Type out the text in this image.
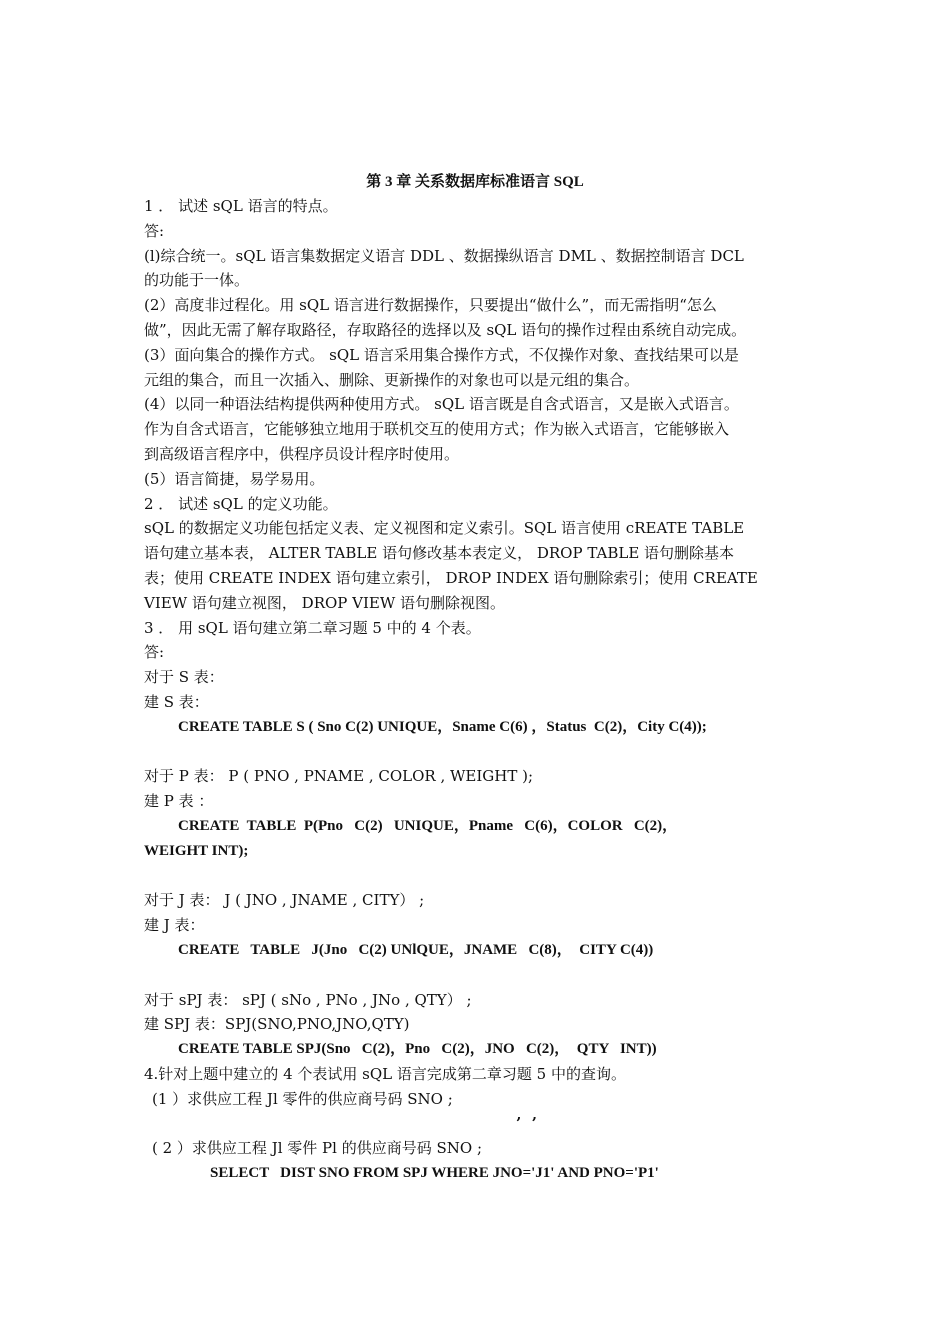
第 3 章 关系数据库标准语言 SQL
1 ． 试述 sQL 语言的特点。
答:
(l)综合统一。sQL 语言集数据定义语言 DDL 、数据操纵语言 DML 、数据控制语言 DCL
的功能于一体。
(2）高度非过程化。用 sQL 语言进行数据操作，只要提出“做什么”，而无需指明“怎么
做”，因此无需了解存取路径，存取路径的选择以及 sQL 语句的操作过程由系统自动完成。
(3）面向集合的操作方式。 sQL 语言采用集合操作方式，不仅操作对象、查找结果可以是
元组的集合，而且一次插入、删除、更新操作的对象也可以是元组的集合。
(4）以同一种语法结构提供两种使用方式。 sQL 语言既是自含式语言，又是嵌入式语言。
作为自含式语言，它能够独立地用于联机交互的使用方式；作为嵌入式语言，它能够嵌入
到高级语言程序中，供程序员设计程序时使用。
(5）语言简捷，易学易用。
2 ． 试述 sQL 的定义功能。
sQL 的数据定义功能包括定义表、定义视图和定义索引。SQL 语言使用 cREATE TABLE
语句建立基本表， ALTER TABLE 语句修改基本表定义， DROP TABLE 语句删除基本
表；使用 CREATE INDEX 语句建立索引， DROP INDEX 语句删除索引；使用 CREATE
VIEW 语句建立视图， DROP VIEW 语句删除视图。
3 ． 用 sQL 语句建立第二章习题 5 中的 4 个表。
答:
对于 S 表：
建 S 表：
CREATE TABLE S ( Sno C(2) UNIQUE，Sname C(6) ，Status  C(2)，City C(4));
对于 P 表： P ( PNO , PNAME , COLOR , WEIGHT );
建 P 表 ：
CREATE  TABLE  P(Pno   C(2)   UNIQUE，Pname   C(6)，COLOR   C(2)，
WEIGHT INT);
对于 J 表： J ( JNO , JNAME , CITY） ;
建 J 表：
CREATE   TABLE   J(Jno   C(2) UNlQUE，JNAME   C(8)，  CITY C(4))
对于 sPJ 表： sPJ ( sNo , PNo , JNo , QTY） ;
建 SPJ 表：SPJ(SNO,PNO,JNO,QTY)
CREATE TABLE SPJ(Sno   C(2)，Pno   C(2)，JNO   C(2)，  QTY   INT))
4.针对上题中建立的 4 个表试用 sQL 语言完成第二章习题 5 中的查询。
(1 ）求供应工程 Jl 零件的供应商号码 SNO ;
’  ’
( 2 ）求供应工程 Jl 零件 Pl 的供应商号码 SNO ;
SELECT   DIST SNO FROM SPJ WHERE JNO='J1' AND PNO='P1'
